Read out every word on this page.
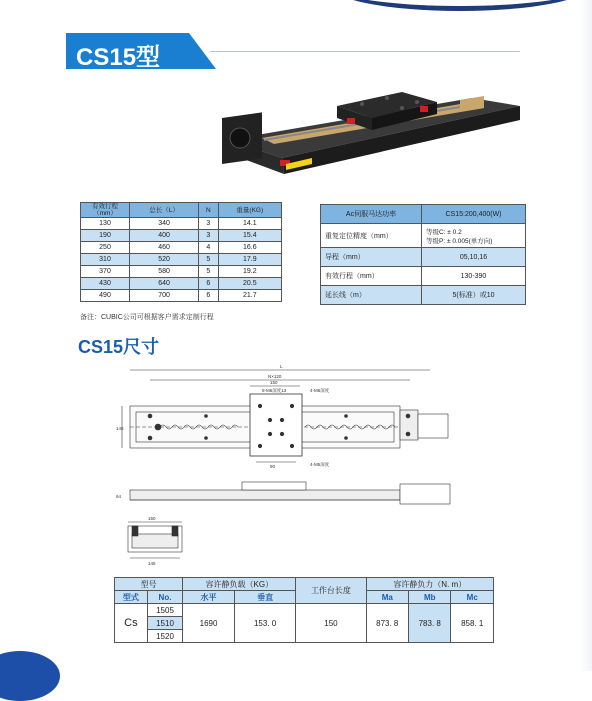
CS15型
有效行程
（mm）	总长（L）	N	重量(KG)
130	340	3	14.1
190	400	3	15.4
250	460	4	16.6
310	520	5	17.9
370	580	5	19.2
430	640	6	20.5
490	700	6	21.7
Ac伺服马达功率	CS15:200,400(W)
重复定位精度（mm）	等级C: ± 0.2
等级P: ± 0.005(单方向)
导程（mm）	05,10,16
有效行程（mm）	130-390
延长线（m）	5(标准）或10
备注：CUBIC公司可根据客户需求定制行程
CS15尺寸
L
N×120
150
8-M6深度13	4-M6深度
4-M5深度
90
145
64
150
145
型号		容许静负载（KG）		工作台长度	容许静负力（N. m）		
型式	No.	水平	垂直		Ma	Mb	Mc
Cs	1505	1690	153. 0	150	873. 8	783. 8	858. 1
	1510						
	1520						
